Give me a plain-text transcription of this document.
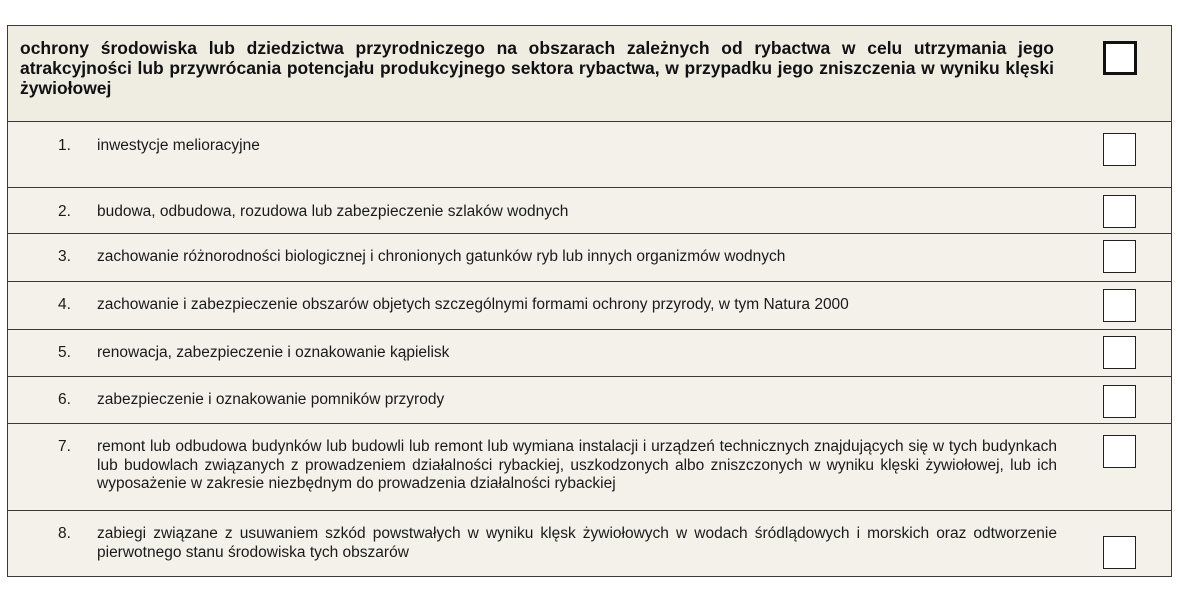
ochrony środowiska lub dziedzictwa przyrodniczego na obszarach zależnych od rybactwa w celu utrzymania jego atrakcyjności lub przywrócania potencjału produkcyjnego sektora rybactwa, w przypadku jego zniszczenia w wyniku klęski żywiołowej
1. inwestycje melioracyjne
2. budowa, odbudowa, rozudowa lub zabezpieczenie szlaków wodnych
3. zachowanie różnorodności biologicznej i chronionych gatunków ryb lub innych organizmów wodnych
4. zachowanie i zabezpieczenie obszarów objetych szczególnymi formami ochrony przyrody, w tym Natura 2000
5. renowacja, zabezpieczenie i oznakowanie kąpielisk
6. zabezpieczenie i oznakowanie pomników przyrody
7. remont lub odbudowa budynków lub budowli lub remont lub wymiana instalacji i urządzeń technicznych znajdujących się w tych budynkach lub budowlach związanych z prowadzeniem działalności rybackiej, uszkodzonych albo zniszczonych w wyniku klęski żywiołowej, lub ich wyposażenie w zakresie niezbędnym do prowadzenia działalności rybackiej
8. zabiegi związane z usuwaniem szkód powstwałych w wyniku klęsk żywiołowych w wodach śródlądowych i morskich oraz odtworzenie pierwotnego stanu środowiska tych obszarów
